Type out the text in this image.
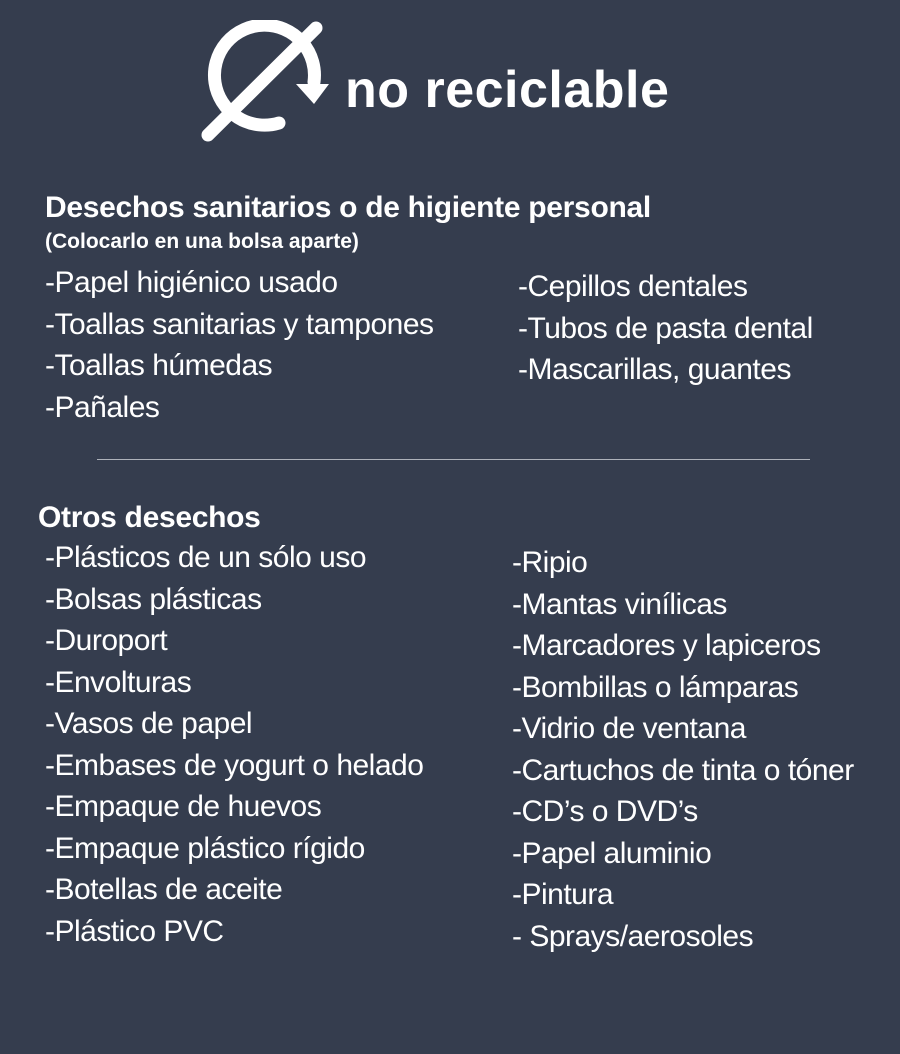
no reciclable
Desechos sanitarios o de higiente personal
(Colocarlo en una bolsa aparte)
-Papel higiénico usado
-Toallas sanitarias y tampones
-Toallas húmedas
-Pañales
-Cepillos dentales
-Tubos de pasta dental
-Mascarillas, guantes
Otros desechos
-Plásticos de un sólo uso
-Bolsas plásticas
-Duroport
-Envolturas
-Vasos de papel
-Embases de yogurt o helado
-Empaque de huevos
-Empaque plástico rígido
-Botellas de aceite
-Plástico PVC
-Ripio
-Mantas vinílicas
-Marcadores y lapiceros
-Bombillas o lámparas
-Vidrio de ventana
-Cartuchos de tinta o tóner
-CD’s o DVD’s
-Papel aluminio
-Pintura
- Sprays/aerosoles
